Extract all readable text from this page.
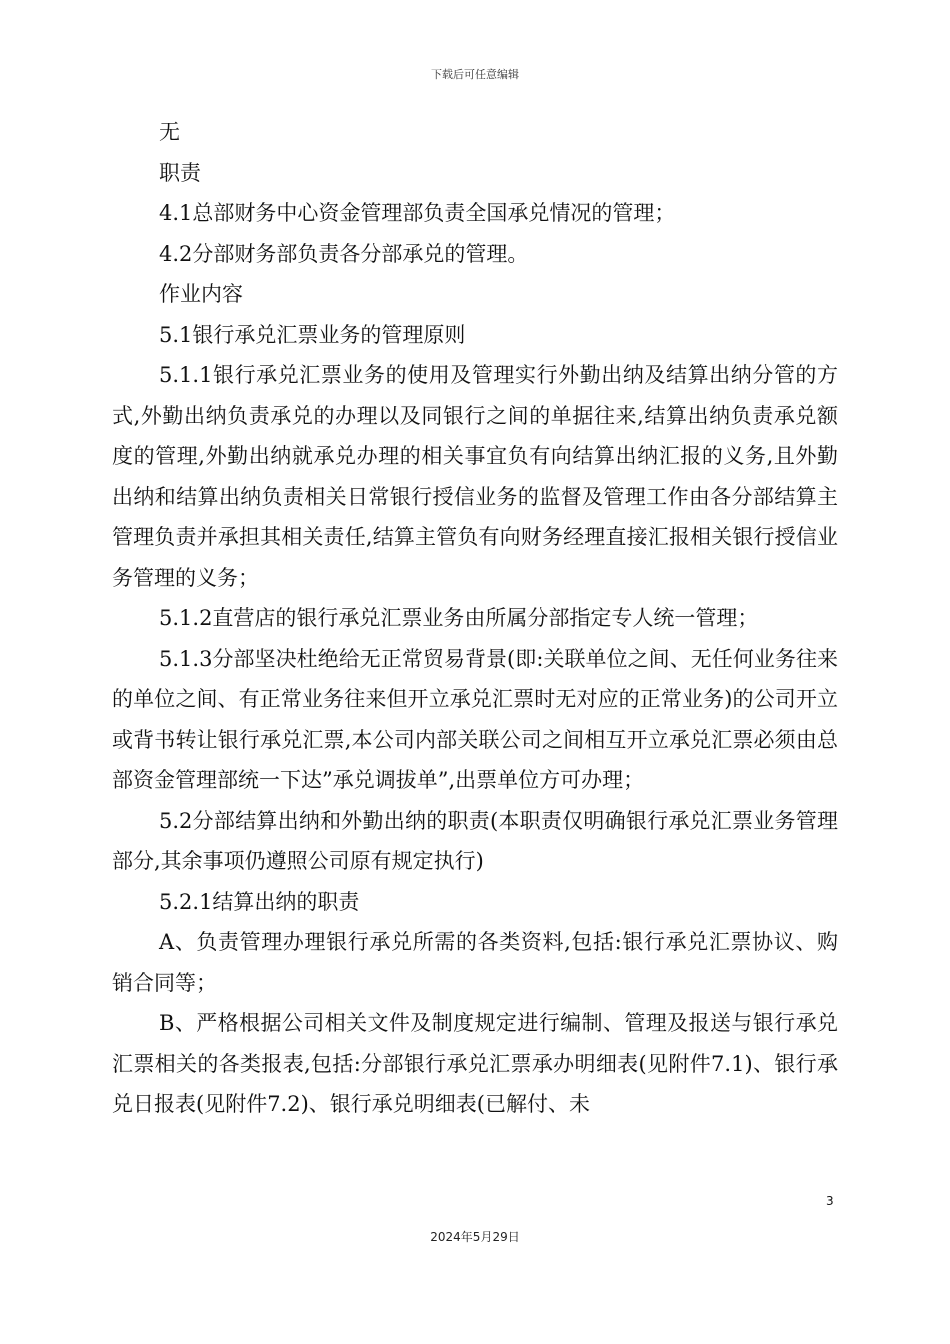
下载后可任意编辑

无

职责

4.1总部财务中心资金管理部负责全国承兑情况的管理；

4.2分部财务部负责各分部承兑的管理。

作业内容

5.1银行承兑汇票业务的管理原则

5.1.1银行承兑汇票业务的使用及管理实行外勤出纳及结算出纳分管的方式,外勤出纳负责承兑的办理以及同银行之间的单据往来,结算出纳负责承兑额度的管理,外勤出纳就承兑办理的相关事宜负有向结算出纳汇报的义务,且外勤出纳和结算出纳负责相关日常银行授信业务的监督及管理工作由各分部结算主管理负责并承担其相关责任,结算主管负有向财务经理直接汇报相关银行授信业务管理的义务；

5.1.2直营店的银行承兑汇票业务由所属分部指定专人统一管理；

5.1.3分部坚决杜绝给无正常贸易背景(即:关联单位之间、无任何业务往来的单位之间、有正常业务往来但开立承兑汇票时无对应的正常业务)的公司开立或背书转让银行承兑汇票,本公司内部关联公司之间相互开立承兑汇票必须由总部资金管理部统一下达”承兑调拔单”,出票单位方可办理；

5.2分部结算出纳和外勤出纳的职责(本职责仅明确银行承兑汇票业务管理部分,其余事项仍遵照公司原有规定执行)

5.2.1结算出纳的职责

A、负责管理办理银行承兑所需的各类资料,包括:银行承兑汇票协议、购销合同等；

B、严格根据公司相关文件及制度规定进行编制、管理及报送与银行承兑汇票相关的各类报表,包括:分部银行承兑汇票承办明细表(见附件7.1)、银行承兑日报表(见附件7.2)、银行承兑明细表(已解付、未

3
2024年5月29日
